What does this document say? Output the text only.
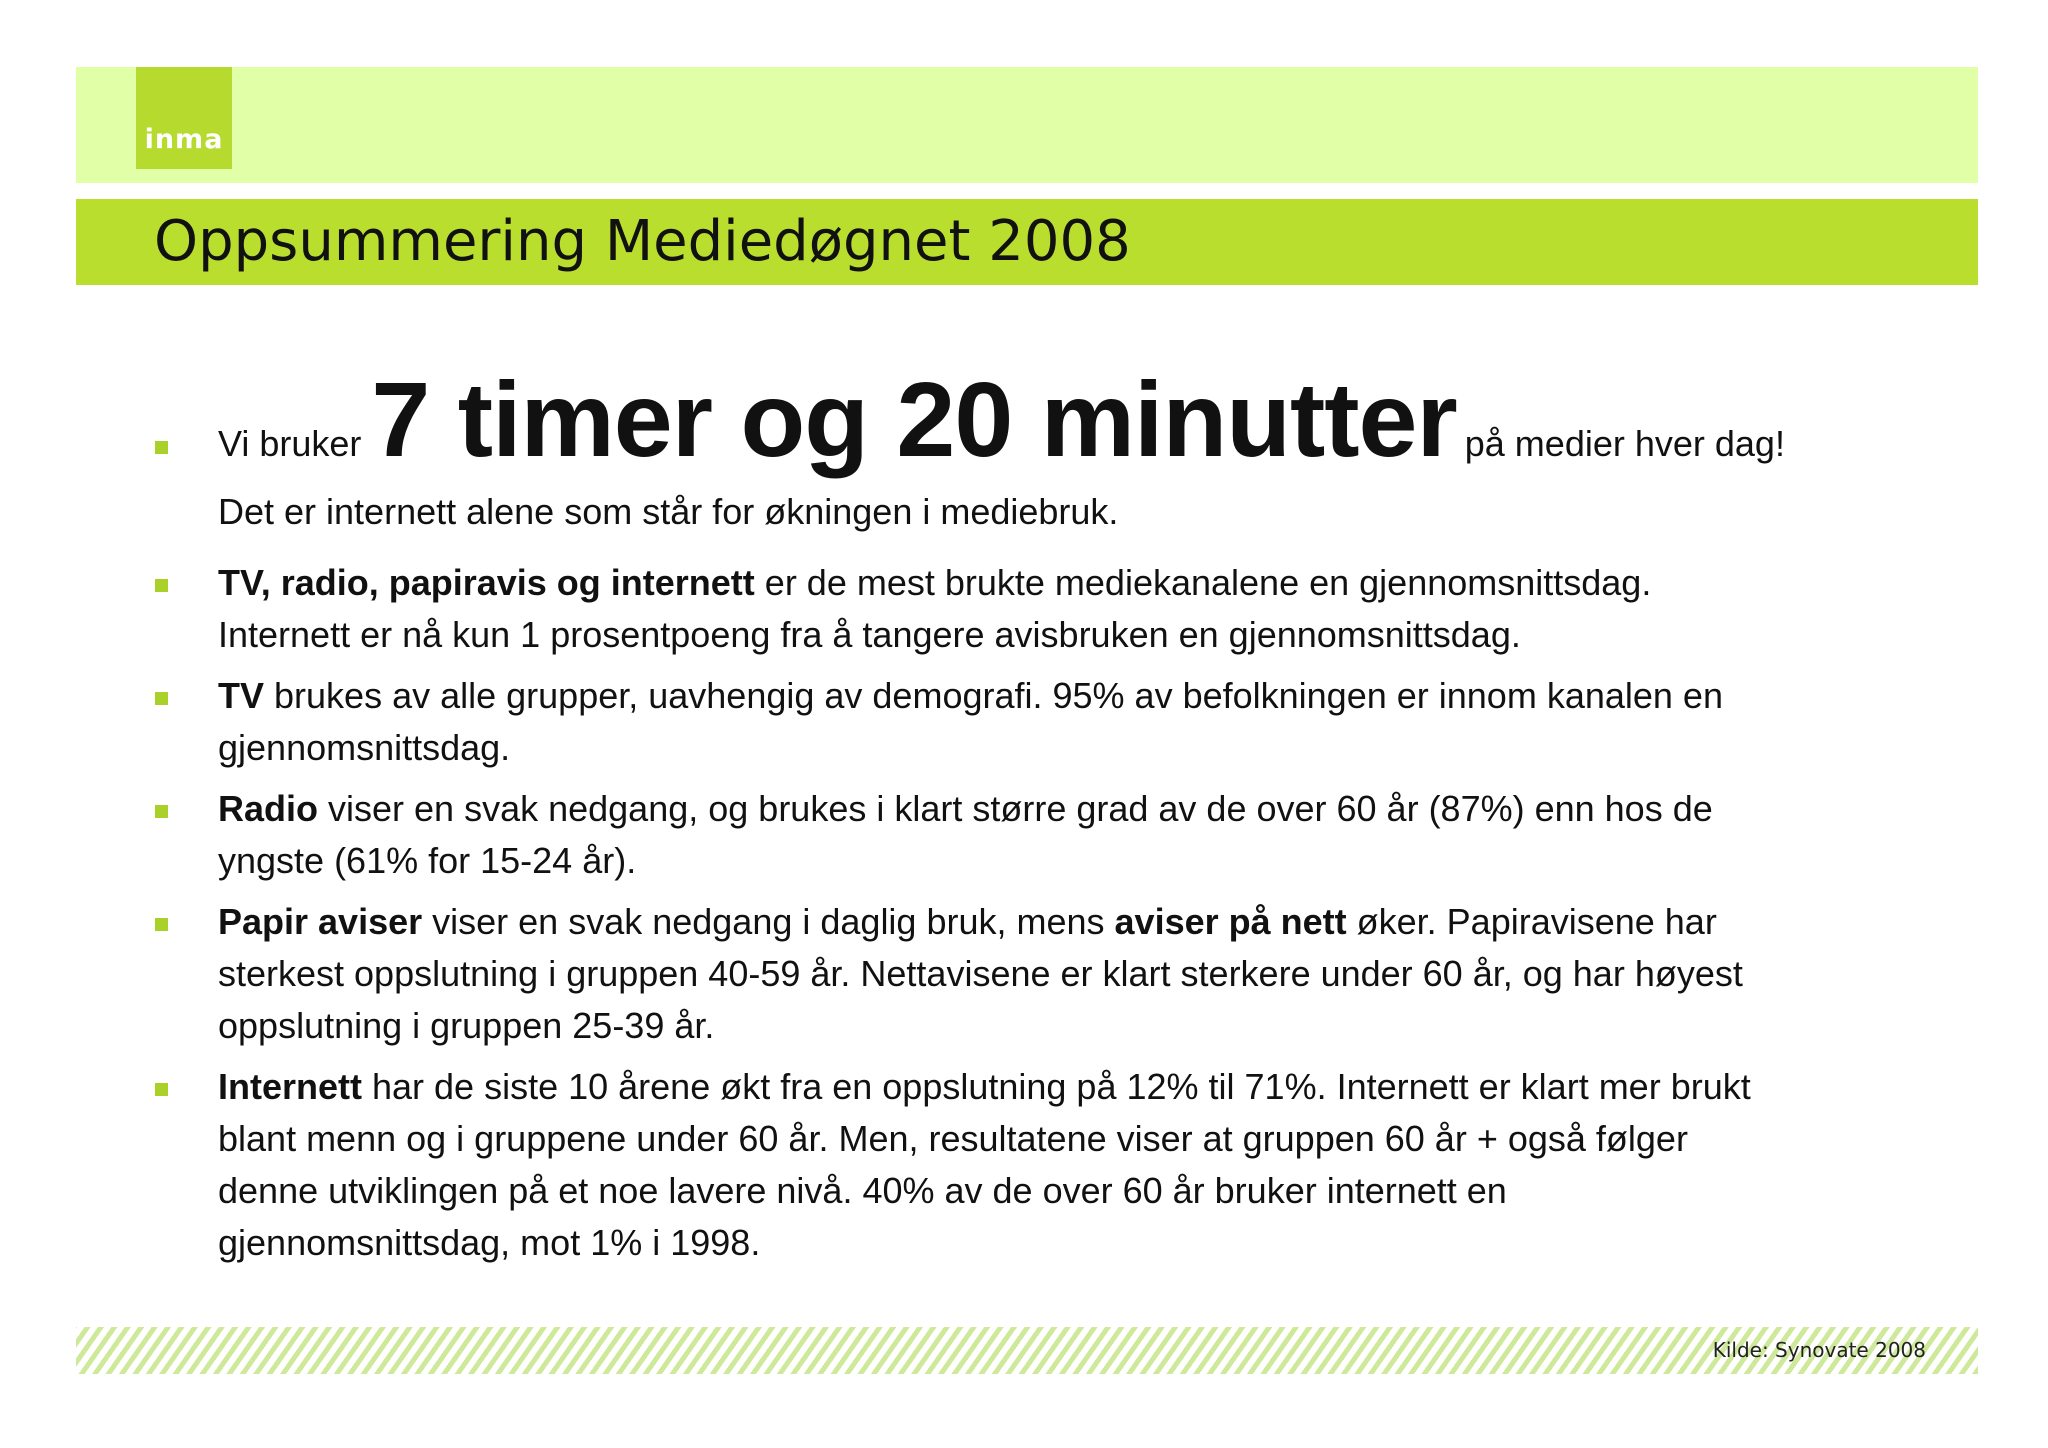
inma
Oppsummering Mediedøgnet 2008
Vi bruker 7 timer og 20 minutter på medier hver dag!
Det er internett alene som står for økningen i mediebruk.
TV, radio, papiravis og internett er de mest brukte mediekanalene en gjennomsnittsdag.
Internett er nå kun 1 prosentpoeng fra å tangere avisbruken en gjennomsnittsdag.
TV brukes av alle grupper, uavhengig av demografi. 95% av befolkningen er innom kanalen en
gjennomsnittsdag.
Radio viser en svak nedgang, og brukes i klart større grad av de over 60 år (87%) enn hos de
yngste (61% for 15-24 år).
Papir aviser viser en svak nedgang i daglig bruk, mens aviser på nett øker. Papiravisene har
sterkest oppslutning i gruppen 40-59 år. Nettavisene er klart sterkere under 60 år, og har høyest
oppslutning i gruppen 25-39 år.
Internett har de siste 10 årene økt fra en oppslutning på 12% til 71%. Internett er klart mer brukt
blant menn og i gruppene under 60 år. Men, resultatene viser at gruppen 60 år + også følger
denne utviklingen på et noe lavere nivå. 40% av de over 60 år bruker internett en
gjennomsnittsdag, mot 1% i 1998.
Kilde: Synovate 2008
